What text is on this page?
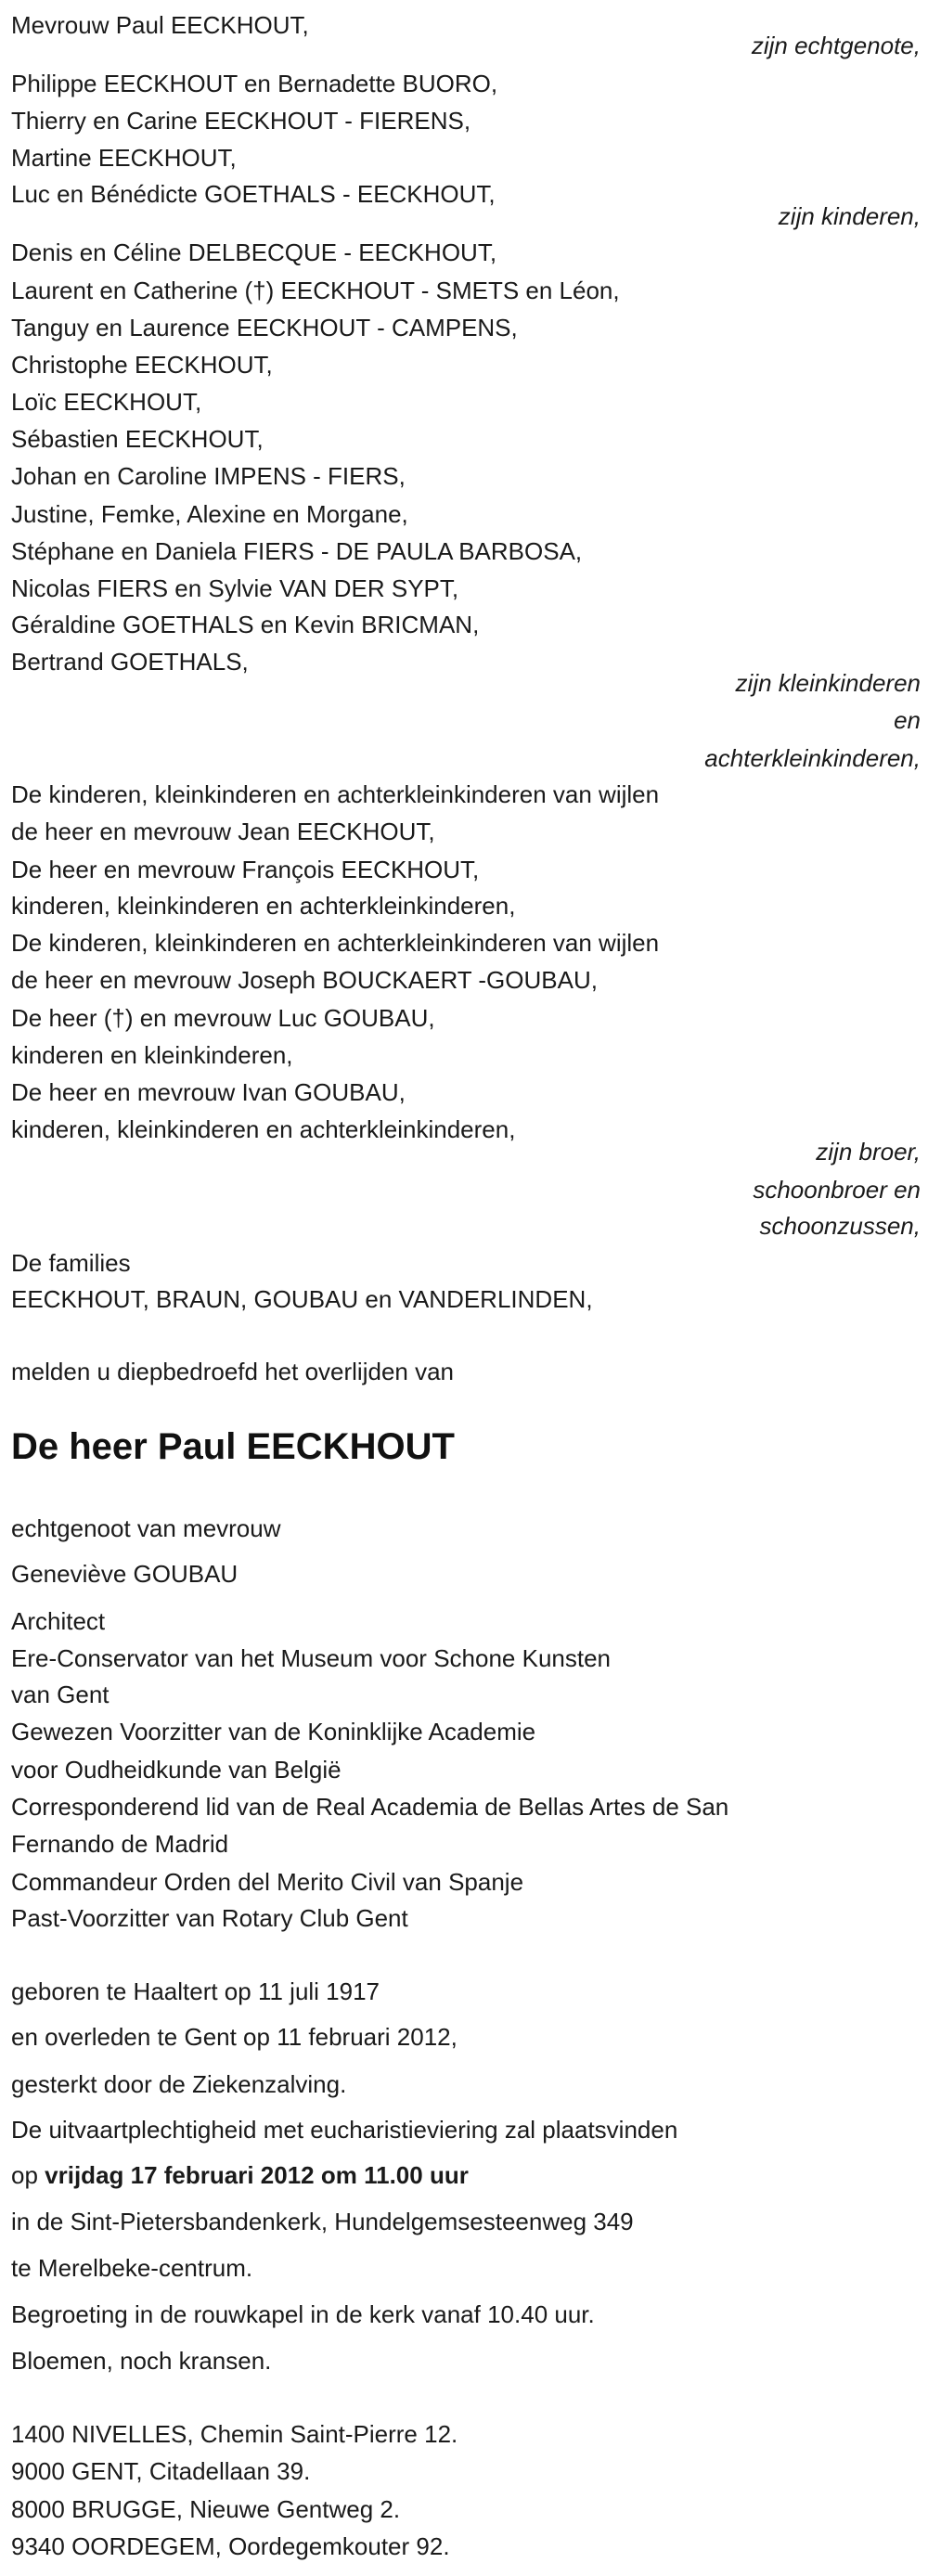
Mevrouw Paul EECKHOUT,
zijn echtgenote,
Philippe EECKHOUT en Bernadette BUORO,
Thierry en Carine EECKHOUT - FIERENS,
Martine EECKHOUT,
Luc en Bénédicte GOETHALS - EECKHOUT,
zijn kinderen,
Denis en Céline DELBECQUE - EECKHOUT,
Laurent en Catherine (†) EECKHOUT - SMETS en Léon,
Tanguy en Laurence EECKHOUT - CAMPENS,
Christophe EECKHOUT,
Loïc EECKHOUT,
Sébastien EECKHOUT,
Johan en Caroline IMPENS - FIERS,
Justine, Femke, Alexine en Morgane,
Stéphane en Daniela FIERS - DE PAULA BARBOSA,
Nicolas FIERS en Sylvie VAN DER SYPT,
Géraldine GOETHALS en Kevin BRICMAN,
Bertrand GOETHALS,
zijn kleinkinderen
en
achterkleinkinderen,
De kinderen, kleinkinderen en achterkleinkinderen van wijlen
de heer en mevrouw Jean EECKHOUT,
De heer en mevrouw François EECKHOUT,
kinderen, kleinkinderen en achterkleinkinderen,
De kinderen, kleinkinderen en achterkleinkinderen van wijlen
de heer en mevrouw Joseph BOUCKAERT -GOUBAU,
De heer (†) en mevrouw Luc GOUBAU,
kinderen en kleinkinderen,
De heer en mevrouw Ivan GOUBAU,
kinderen, kleinkinderen en achterkleinkinderen,
zijn broer,
schoonbroer en
schoonzussen,
De families
EECKHOUT, BRAUN, GOUBAU en VANDERLINDEN,
melden u diepbedroefd het overlijden van
De heer Paul EECKHOUT
echtgenoot van mevrouw
Geneviève GOUBAU
Architect
Ere-Conservator van het Museum voor Schone Kunsten
van Gent
Gewezen Voorzitter van de Koninklijke Academie
voor Oudheidkunde van België
Corresponderend lid van de Real Academia de Bellas Artes de San
Fernando de Madrid
Commandeur Orden del Merito Civil van Spanje
Past-Voorzitter van Rotary Club Gent
geboren te Haaltert op 11 juli 1917
en overleden te Gent op 11 februari 2012,
gesterkt door de Ziekenzalving.
De uitvaartplechtigheid met eucharistieviering zal plaatsvinden
op vrijdag 17 februari 2012 om 11.00 uur
in de Sint-Pietersbandenkerk, Hundelgemsesteenweg 349
te Merelbeke-centrum.
Begroeting in de rouwkapel in de kerk vanaf 10.40 uur.
Bloemen, noch kransen.
1400 NIVELLES, Chemin Saint-Pierre 12.
9000 GENT, Citadellaan 39.
8000 BRUGGE, Nieuwe Gentweg 2.
9340 OORDEGEM, Oordegemkouter 92.
